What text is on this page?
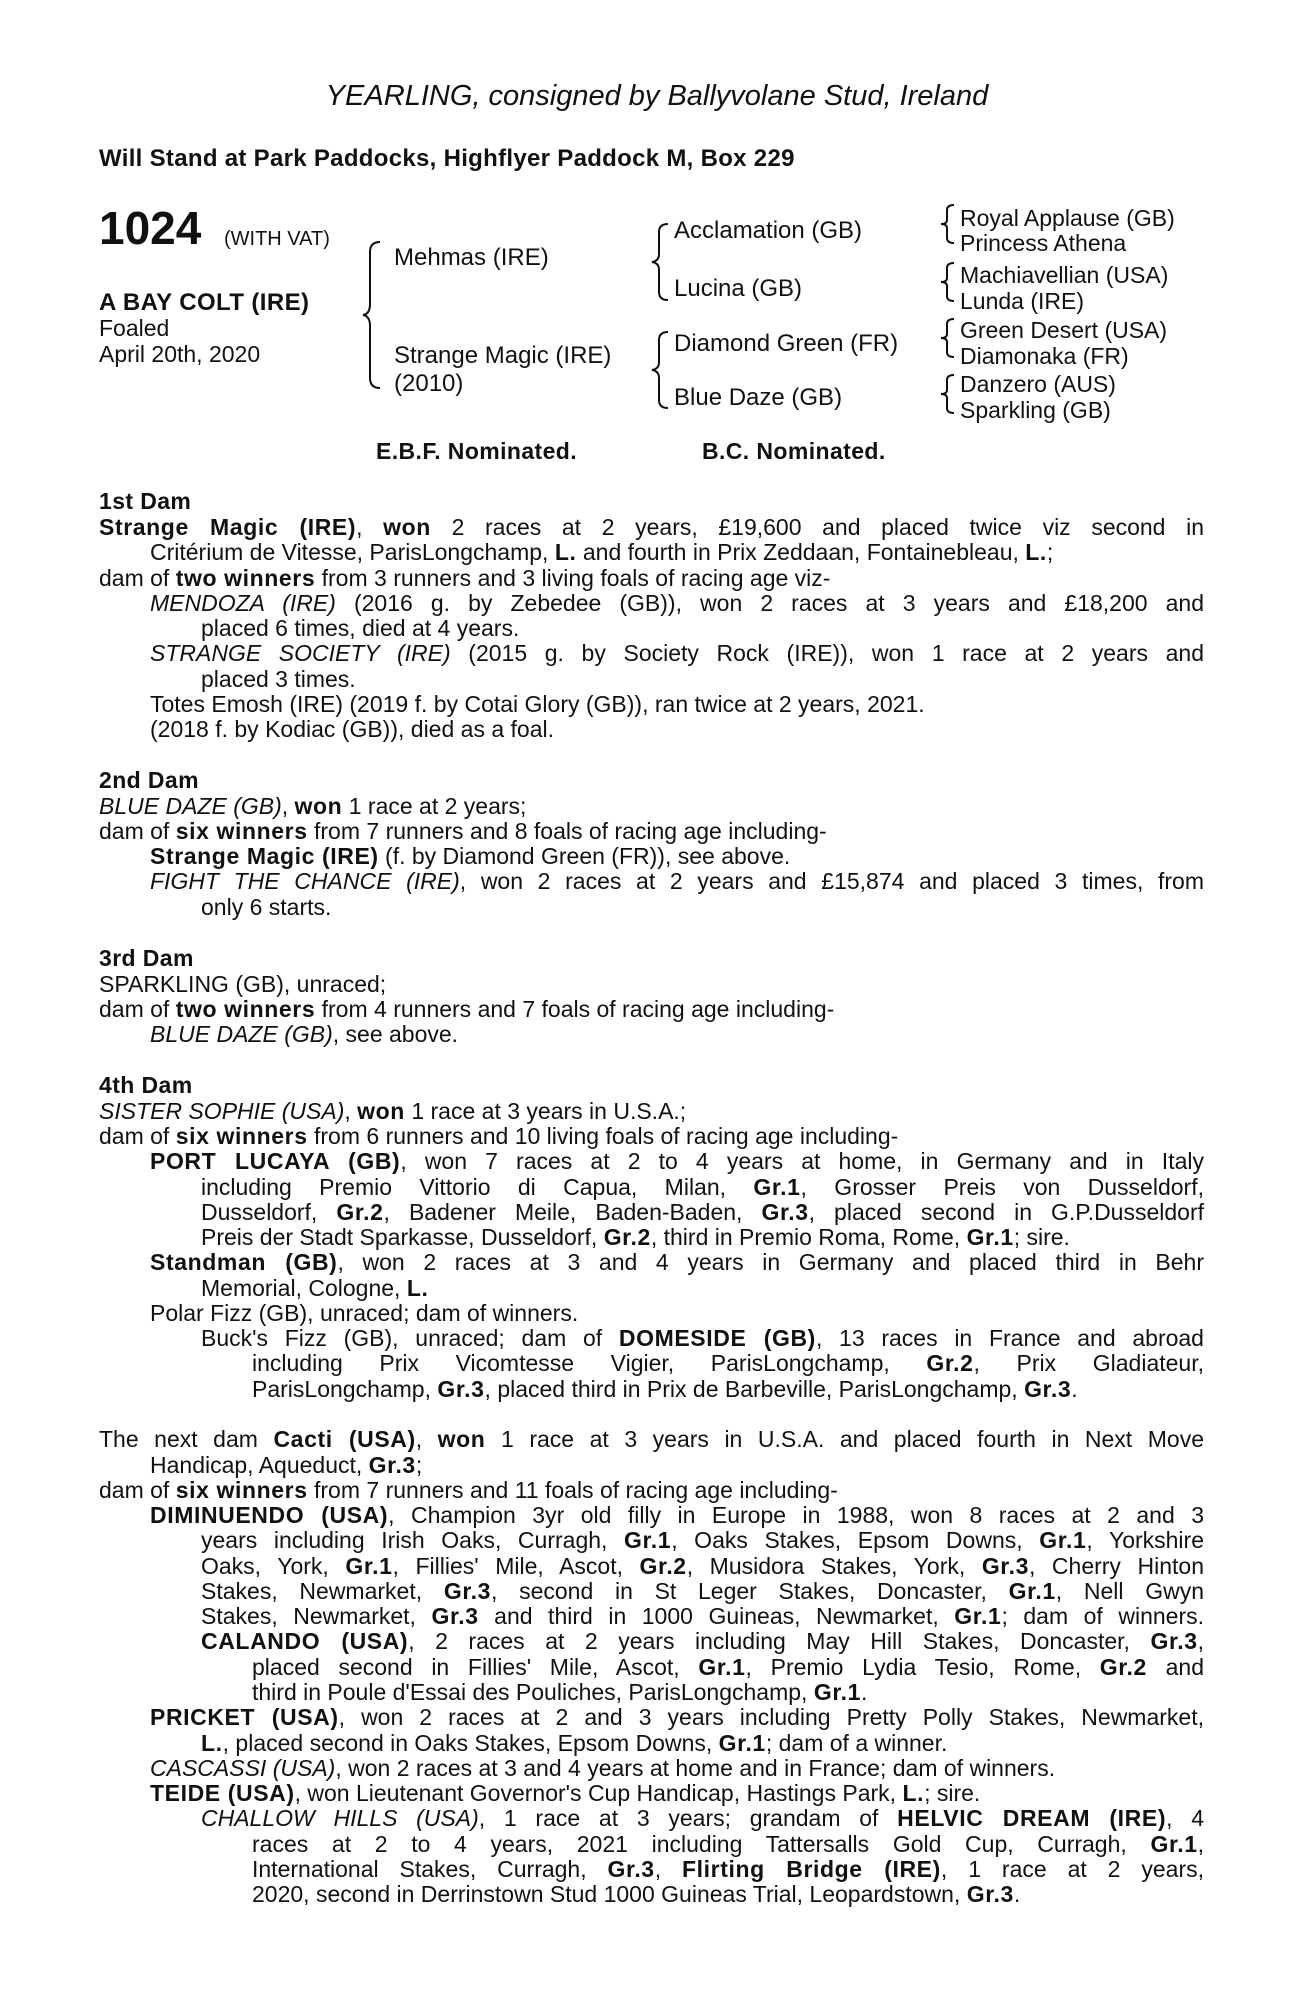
YEARLING, consigned by Ballyvolane Stud, Ireland
Will Stand at Park Paddocks, Highflyer Paddock M, Box 229
1024 (WITH VAT)
A BAY COLT (IRE)
Foaled
April 20th, 2020
Mehmas (IRE)
Strange Magic (IRE)
(2010)
Acclamation (GB)
Lucina (GB)
Diamond Green (FR)
Blue Daze (GB)
Royal Applause (GB)
Princess Athena
Machiavellian (USA)
Lunda (IRE)
Green Desert (USA)
Diamonaka (FR)
Danzero (AUS)
Sparkling (GB)
E.B.F. Nominated.	B.C. Nominated.
1st Dam
Strange Magic (IRE), won 2 races at 2 years, £19,600 and placed twice viz second in
Critérium de Vitesse, ParisLongchamp, L. and fourth in Prix Zeddaan, Fontainebleau, L.;
dam of two winners from 3 runners and 3 living foals of racing age viz-
MENDOZA (IRE) (2016 g. by Zebedee (GB)), won 2 races at 3 years and £18,200 and
placed 6 times, died at 4 years.
STRANGE SOCIETY (IRE) (2015 g. by Society Rock (IRE)), won 1 race at 2 years and
placed 3 times.
Totes Emosh (IRE) (2019 f. by Cotai Glory (GB)), ran twice at 2 years, 2021.
(2018 f. by Kodiac (GB)), died as a foal.
2nd Dam
BLUE DAZE (GB), won 1 race at 2 years;
dam of six winners from 7 runners and 8 foals of racing age including-
Strange Magic (IRE) (f. by Diamond Green (FR)), see above.
FIGHT THE CHANCE (IRE), won 2 races at 2 years and £15,874 and placed 3 times, from
only 6 starts.
3rd Dam
SPARKLING (GB), unraced;
dam of two winners from 4 runners and 7 foals of racing age including-
BLUE DAZE (GB), see above.
4th Dam
SISTER SOPHIE (USA), won 1 race at 3 years in U.S.A.;
dam of six winners from 6 runners and 10 living foals of racing age including-
PORT LUCAYA (GB), won 7 races at 2 to 4 years at home, in Germany and in Italy
including Premio Vittorio di Capua, Milan, Gr.1, Grosser Preis von Dusseldorf,
Dusseldorf, Gr.2, Badener Meile, Baden-Baden, Gr.3, placed second in G.P.Dusseldorf
Preis der Stadt Sparkasse, Dusseldorf, Gr.2, third in Premio Roma, Rome, Gr.1; sire.
Standman (GB), won 2 races at 3 and 4 years in Germany and placed third in Behr
Memorial, Cologne, L.
Polar Fizz (GB), unraced; dam of winners.
Buck's Fizz (GB), unraced; dam of DOMESIDE (GB), 13 races in France and abroad
including Prix Vicomtesse Vigier, ParisLongchamp, Gr.2, Prix Gladiateur,
ParisLongchamp, Gr.3, placed third in Prix de Barbeville, ParisLongchamp, Gr.3.
The next dam Cacti (USA), won 1 race at 3 years in U.S.A. and placed fourth in Next Move
Handicap, Aqueduct, Gr.3;
dam of six winners from 7 runners and 11 foals of racing age including-
DIMINUENDO (USA), Champion 3yr old filly in Europe in 1988, won 8 races at 2 and 3
years including Irish Oaks, Curragh, Gr.1, Oaks Stakes, Epsom Downs, Gr.1, Yorkshire
Oaks, York, Gr.1, Fillies' Mile, Ascot, Gr.2, Musidora Stakes, York, Gr.3, Cherry Hinton
Stakes, Newmarket, Gr.3, second in St Leger Stakes, Doncaster, Gr.1, Nell Gwyn
Stakes, Newmarket, Gr.3 and third in 1000 Guineas, Newmarket, Gr.1; dam of winners.
CALANDO (USA), 2 races at 2 years including May Hill Stakes, Doncaster, Gr.3,
placed second in Fillies' Mile, Ascot, Gr.1, Premio Lydia Tesio, Rome, Gr.2 and
third in Poule d'Essai des Pouliches, ParisLongchamp, Gr.1.
PRICKET (USA), won 2 races at 2 and 3 years including Pretty Polly Stakes, Newmarket,
L., placed second in Oaks Stakes, Epsom Downs, Gr.1; dam of a winner.
CASCASSI (USA), won 2 races at 3 and 4 years at home and in France; dam of winners.
TEIDE (USA), won Lieutenant Governor's Cup Handicap, Hastings Park, L.; sire.
CHALLOW HILLS (USA), 1 race at 3 years; grandam of HELVIC DREAM (IRE), 4
races at 2 to 4 years, 2021 including Tattersalls Gold Cup, Curragh, Gr.1,
International Stakes, Curragh, Gr.3, Flirting Bridge (IRE), 1 race at 2 years,
2020, second in Derrinstown Stud 1000 Guineas Trial, Leopardstown, Gr.3.
